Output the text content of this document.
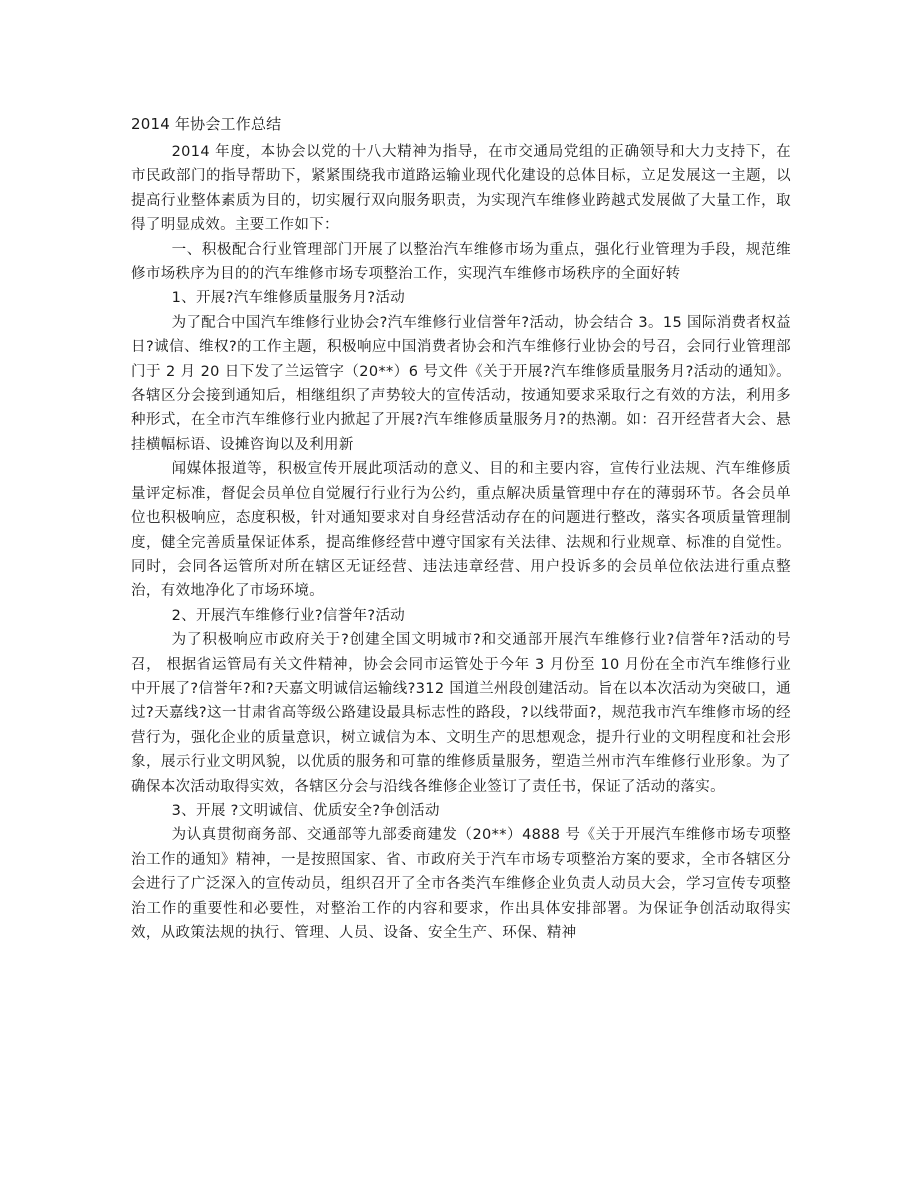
2014 年协会工作总结

2014 年度，本协会以党的十八大精神为指导，在市交通局党组的正确领导和大力支持下，在市民政部门的指导帮助下，紧紧围绕我市道路运输业现代化建设的总体目标，立足发展这一主题，以提高行业整体素质为目的，切实履行双向服务职责，为实现汽车维修业跨越式发展做了大量工作，取得了明显成效。主要工作如下：

一、积极配合行业管理部门开展了以整治汽车维修市场为重点，强化行业管理为手段，规范维修市场秩序为目的的汽车维修市场专项整治工作，实现汽车维修市场秩序的全面好转

1、开展?汽车维修质量服务月?活动

为了配合中国汽车维修行业协会?汽车维修行业信誉年?活动，协会结合 3。15 国际消费者权益日?诚信、维权?的工作主题，积极响应中国消费者协会和汽车维修行业协会的号召，会同行业管理部门于 2 月 20 日下发了兰运管字（20**）6 号文件《关于开展?汽车维修质量服务月?活动的通知》。各辖区分会接到通知后，相继组织了声势较大的宣传活动，按通知要求采取行之有效的方法，利用多种形式，在全市汽车维修行业内掀起了开展?汽车维修质量服务月?的热潮。如：召开经营者大会、悬挂横幅标语、设摊咨询以及利用新

闻媒体报道等，积极宣传开展此项活动的意义、目的和主要内容，宣传行业法规、汽车维修质量评定标准，督促会员单位自觉履行行业行为公约，重点解决质量管理中存在的薄弱环节。各会员单位也积极响应，态度积极，针对通知要求对自身经营活动存在的问题进行整改，落实各项质量管理制度，健全完善质量保证体系，提高维修经营中遵守国家有关法律、法规和行业规章、标准的自觉性。同时，会同各运管所对所在辖区无证经营、违法违章经营、用户投诉多的会员单位依法进行重点整治，有效地净化了市场环境。

2、开展汽车维修行业?信誉年?活动

为了积极响应市政府关于?创建全国文明城市?和交通部开展汽车维修行业?信誉年?活动的号召， 根据省运管局有关文件精神，协会会同市运管处于今年 3 月份至 10 月份在全市汽车维修行业中开展了?信誉年?和?天嘉文明诚信运输线?312 国道兰州段创建活动。旨在以本次活动为突破口，通过?天嘉线?这一甘肃省高等级公路建设最具标志性的路段，?以线带面?，规范我市汽车维修市场的经营行为，强化企业的质量意识，树立诚信为本、文明生产的思想观念，提升行业的文明程度和社会形象，展示行业文明风貌，以优质的服务和可靠的维修质量服务，塑造兰州市汽车维修行业形象。为了确保本次活动取得实效，各辖区分会与沿线各维修企业签订了责任书，保证了活动的落实。

3、开展 ?文明诚信、优质安全?争创活动

为认真贯彻商务部、交通部等九部委商建发（20**）4888 号《关于开展汽车维修市场专项整治工作的通知》精神，一是按照国家、省、市政府关于汽车市场专项整治方案的要求，全市各辖区分会进行了广泛深入的宣传动员，组织召开了全市各类汽车维修企业负责人动员大会，学习宣传专项整治工作的重要性和必要性，对整治工作的内容和要求，作出具体安排部署。为保证争创活动取得实效，从政策法规的执行、管理、人员、设备、安全生产、环保、精神
